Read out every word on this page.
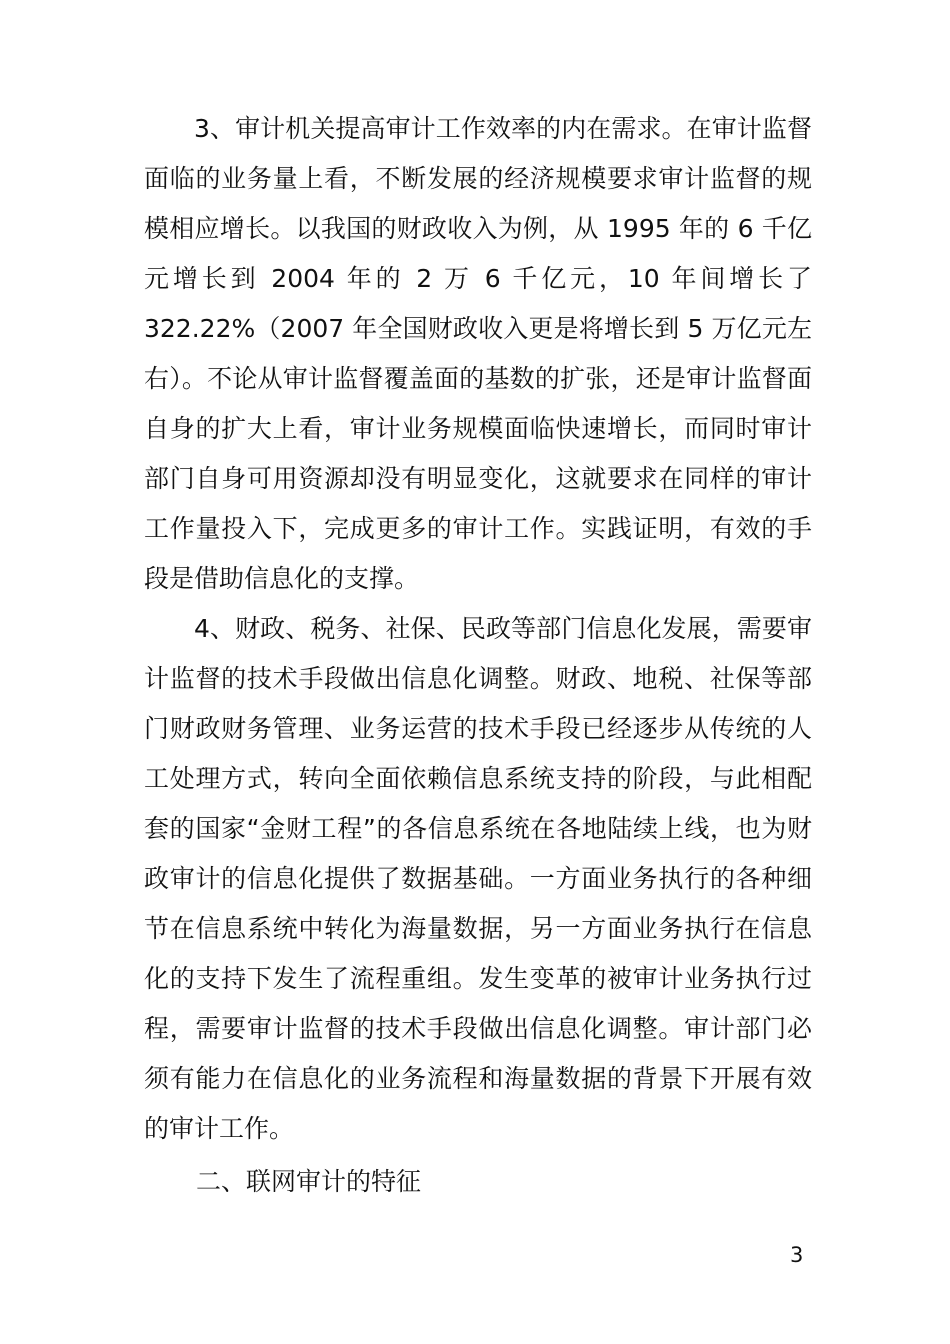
3、审计机关提高审计工作效率的内在需求。在审计监督面临的业务量上看，不断发展的经济规模要求审计监督的规模相应增长。以我国的财政收入为例，从 1995 年的 6 千亿元增长到 2004 年的 2 万 6 千亿元，10 年间增长了 322.22%（2007 年全国财政收入更是将增长到 5 万亿元左右）。不论从审计监督覆盖面的基数的扩张，还是审计监督面自身的扩大上看，审计业务规模面临快速增长，而同时审计部门自身可用资源却没有明显变化，这就要求在同样的审计工作量投入下，完成更多的审计工作。实践证明，有效的手段是借助信息化的支撑。

4、财政、税务、社保、民政等部门信息化发展，需要审计监督的技术手段做出信息化调整。财政、地税、社保等部门财政财务管理、业务运营的技术手段已经逐步从传统的人工处理方式，转向全面依赖信息系统支持的阶段，与此相配套的国家“金财工程”的各信息系统在各地陆续上线，也为财政审计的信息化提供了数据基础。一方面业务执行的各种细节在信息系统中转化为海量数据，另一方面业务执行在信息化的支持下发生了流程重组。发生变革的被审计业务执行过程，需要审计监督的技术手段做出信息化调整。审计部门必须有能力在信息化的业务流程和海量数据的背景下开展有效的审计工作。

二、联网审计的特征

3
